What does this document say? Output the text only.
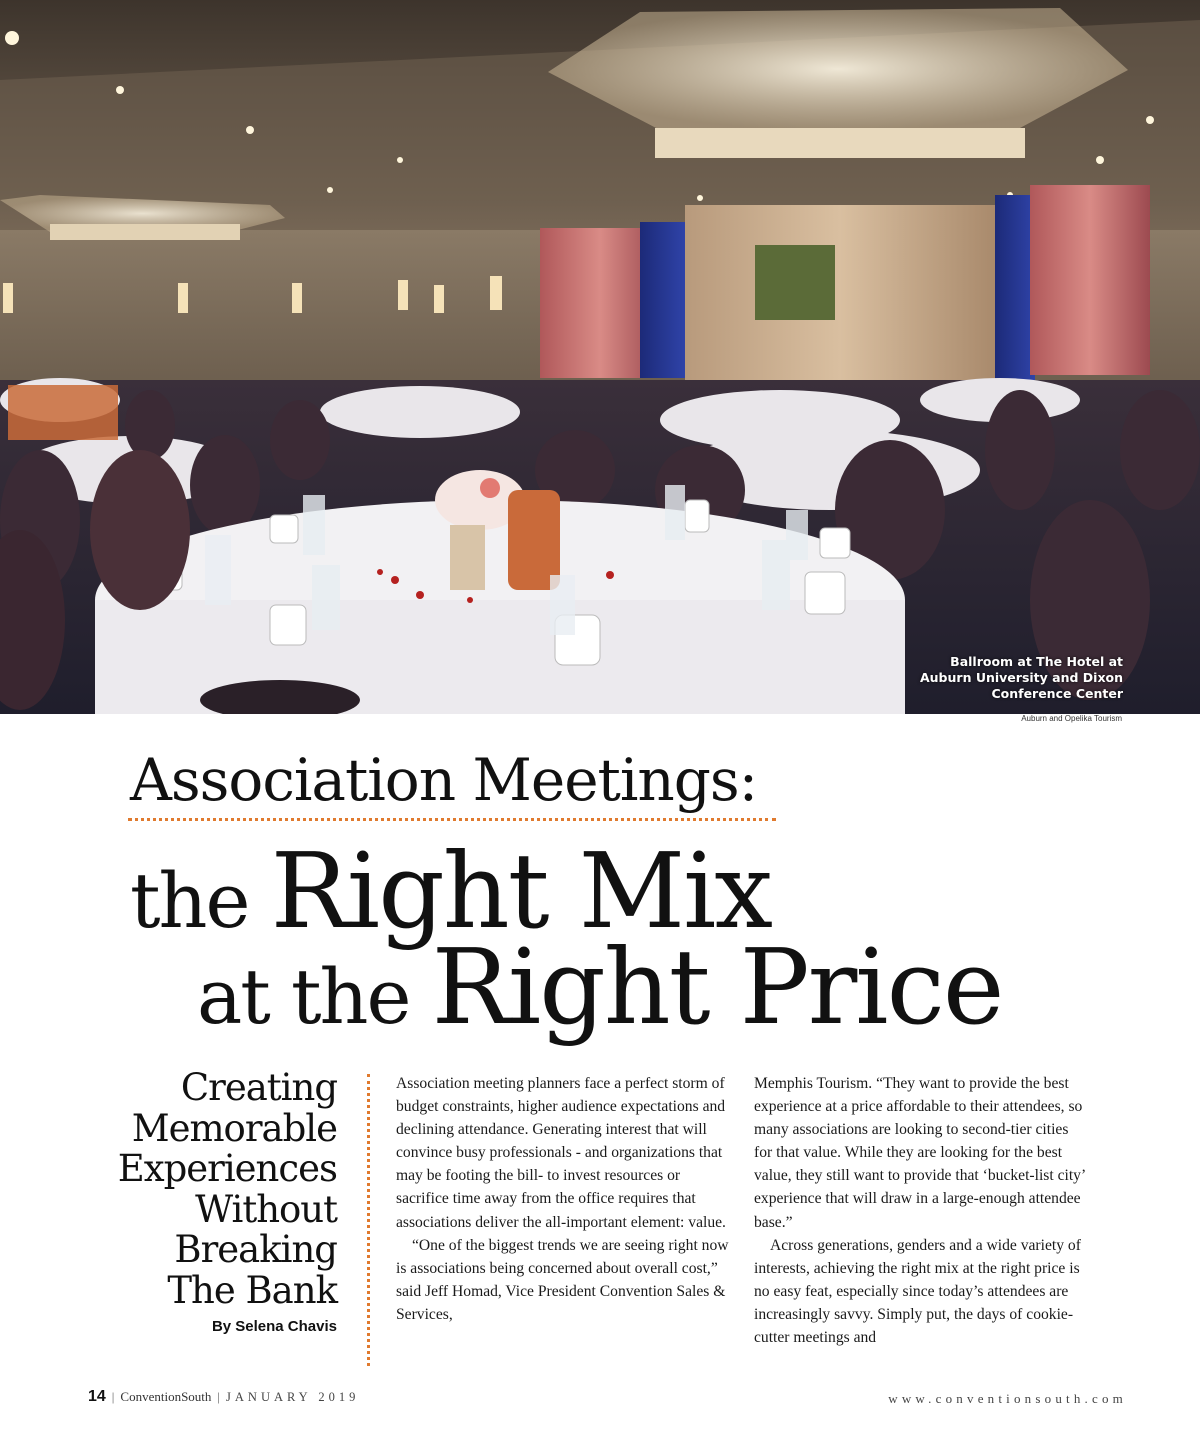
Ballroom at The Hotel at
Auburn University and Dixon
Conference Center
Auburn and Opelika Tourism
Association Meetings:
the Right Mix
at the Right Price
Creating
Memorable
Experiences
Without
Breaking
The Bank
By Selena Chavis

Association meeting planners face a perfect storm of budget constraints, higher audience expectations and declining attendance. Generating interest that will convince busy professionals - and organizations that may be footing the bill- to invest resources or sacrifice time away from the office requires that associations deliver the all-important element: value.

“One of the biggest trends we are seeing right now is associations being concerned about overall cost,” said Jeff Homad, Vice President Convention Sales & Services,

Memphis Tourism. “They want to provide the best experience at a price affordable to their attendees, so many associations are looking to second-tier cities for that value. While they are looking for the best value, they still want to provide that ‘bucket-list city’ experience that will draw in a large-enough attendee base.”

Across generations, genders and a wide variety of interests, achieving the right mix at the right price is no easy feat, especially since today’s attendees are increasingly savvy. Simply put, the days of cookie-cutter meetings and

14 | ConventionSouth | JANUARY 2019	www.conventionsouth.com
